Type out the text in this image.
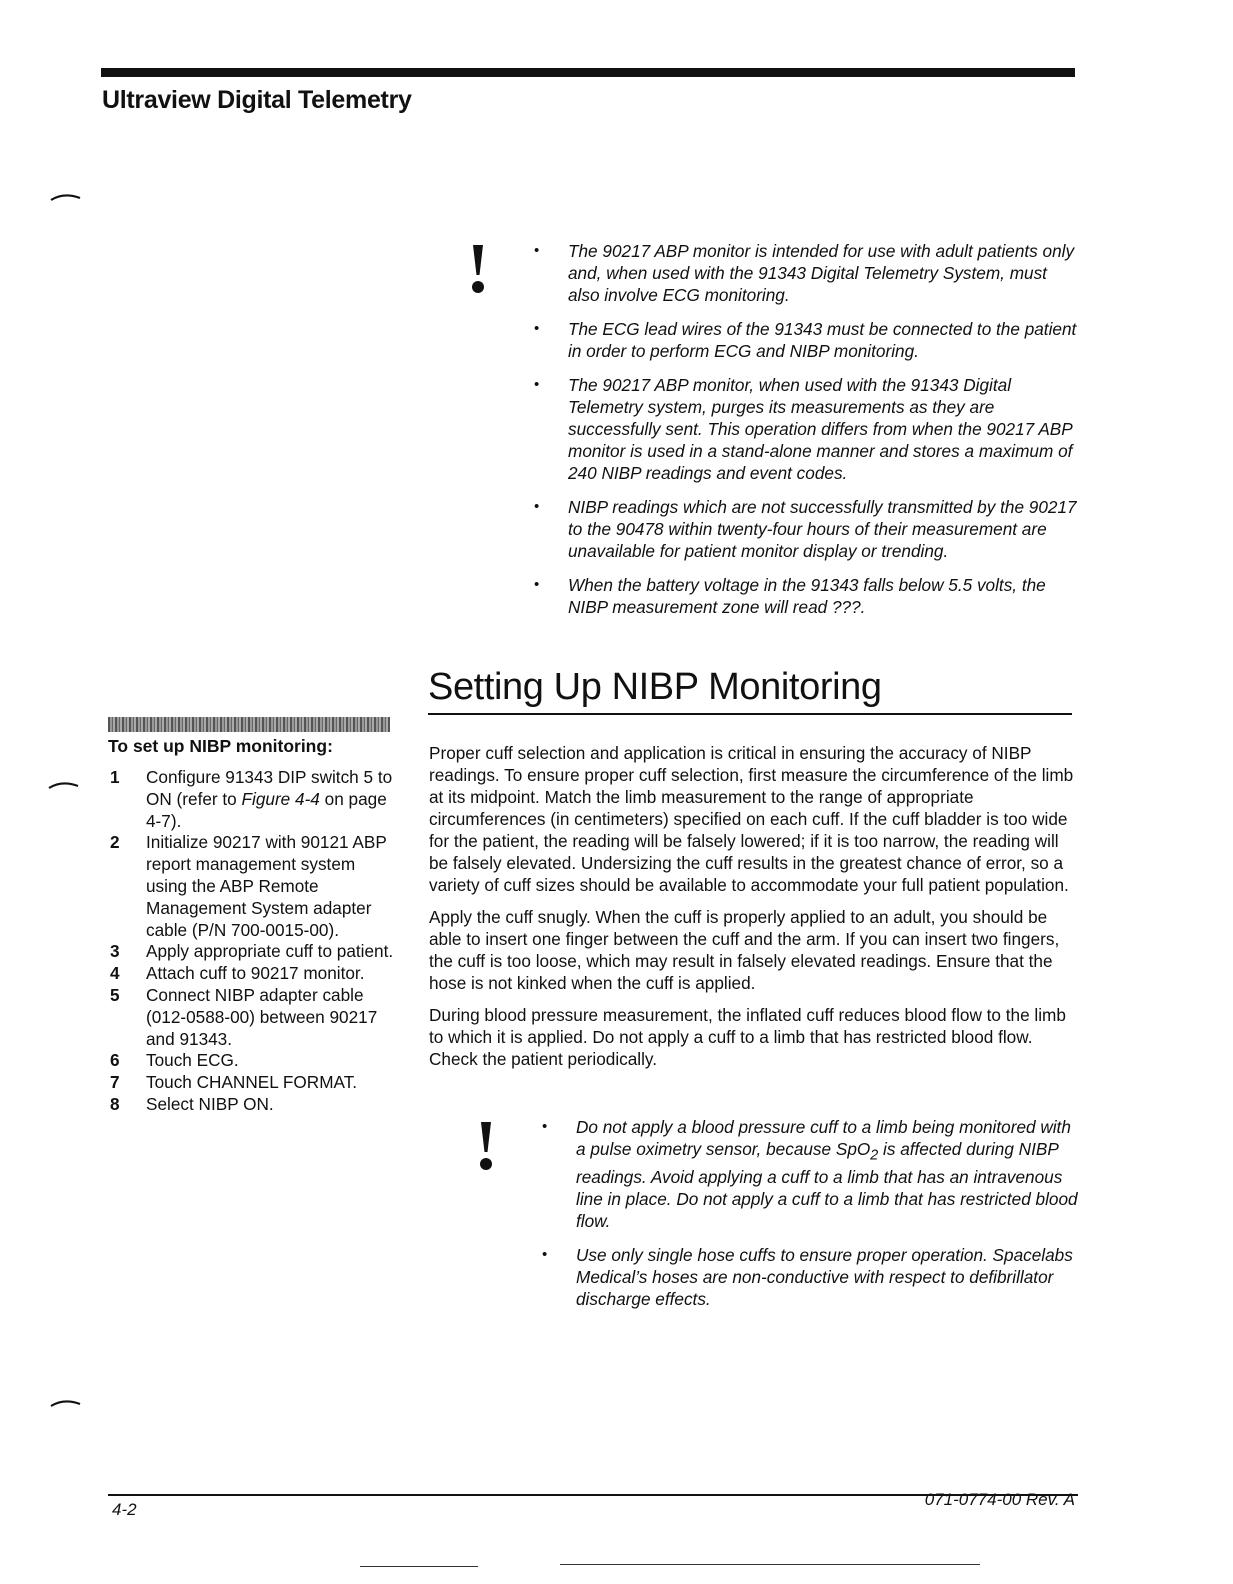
Ultraview Digital Telemetry
• The 90217 ABP monitor is intended for use with adult patients only and, when used with the 91343 Digital Telemetry System, must also involve ECG monitoring.
• The ECG lead wires of the 91343 must be connected to the patient in order to perform ECG and NIBP monitoring.
• The 90217 ABP monitor, when used with the 91343 Digital Telemetry system, purges its measurements as they are successfully sent. This operation differs from when the 90217 ABP monitor is used in a stand-alone manner and stores a maximum of 240 NIBP readings and event codes.
• NIBP readings which are not successfully transmitted by the 90217 to the 90478 within twenty-four hours of their measurement are unavailable for patient monitor display or trending.
• When the battery voltage in the 91343 falls below 5.5 volts, the NIBP measurement zone will read ???.
Setting Up NIBP Monitoring
To set up NIBP monitoring:
1 Configure 91343 DIP switch 5 to ON (refer to Figure 4-4 on page 4-7).
2 Initialize 90217 with 90121 ABP report management system using the ABP Remote Management System adapter cable (P/N 700-0015-00).
3 Apply appropriate cuff to patient.
4 Attach cuff to 90217 monitor.
5 Connect NIBP adapter cable (012-0588-00) between 90217 and 91343.
6 Touch ECG.
7 Touch CHANNEL FORMAT.
8 Select NIBP ON.

Proper cuff selection and application is critical in ensuring the accuracy of NIBP readings. To ensure proper cuff selection, first measure the circumference of the limb at its midpoint. Match the limb measurement to the range of appropriate circumferences (in centimeters) specified on each cuff. If the cuff bladder is too wide for the patient, the reading will be falsely lowered; if it is too narrow, the reading will be falsely elevated. Undersizing the cuff results in the greatest chance of error, so a variety of cuff sizes should be available to accommodate your full patient population.

Apply the cuff snugly. When the cuff is properly applied to an adult, you should be able to insert one finger between the cuff and the arm. If you can insert two fingers, the cuff is too loose, which may result in falsely elevated readings. Ensure that the hose is not kinked when the cuff is applied.

During blood pressure measurement, the inflated cuff reduces blood flow to the limb to which it is applied. Do not apply a cuff to a limb that has restricted blood flow. Check the patient periodically.

• Do not apply a blood pressure cuff to a limb being monitored with a pulse oximetry sensor, because SpO$_2$ is affected during NIBP readings. Avoid applying a cuff to a limb that has an intravenous line in place. Do not apply a cuff to a limb that has restricted blood flow.
• Use only single hose cuffs to ensure proper operation. Spacelabs Medical’s hoses are non-conductive with respect to defibrillator discharge effects.
4-2
071-0774-00 Rev. A
